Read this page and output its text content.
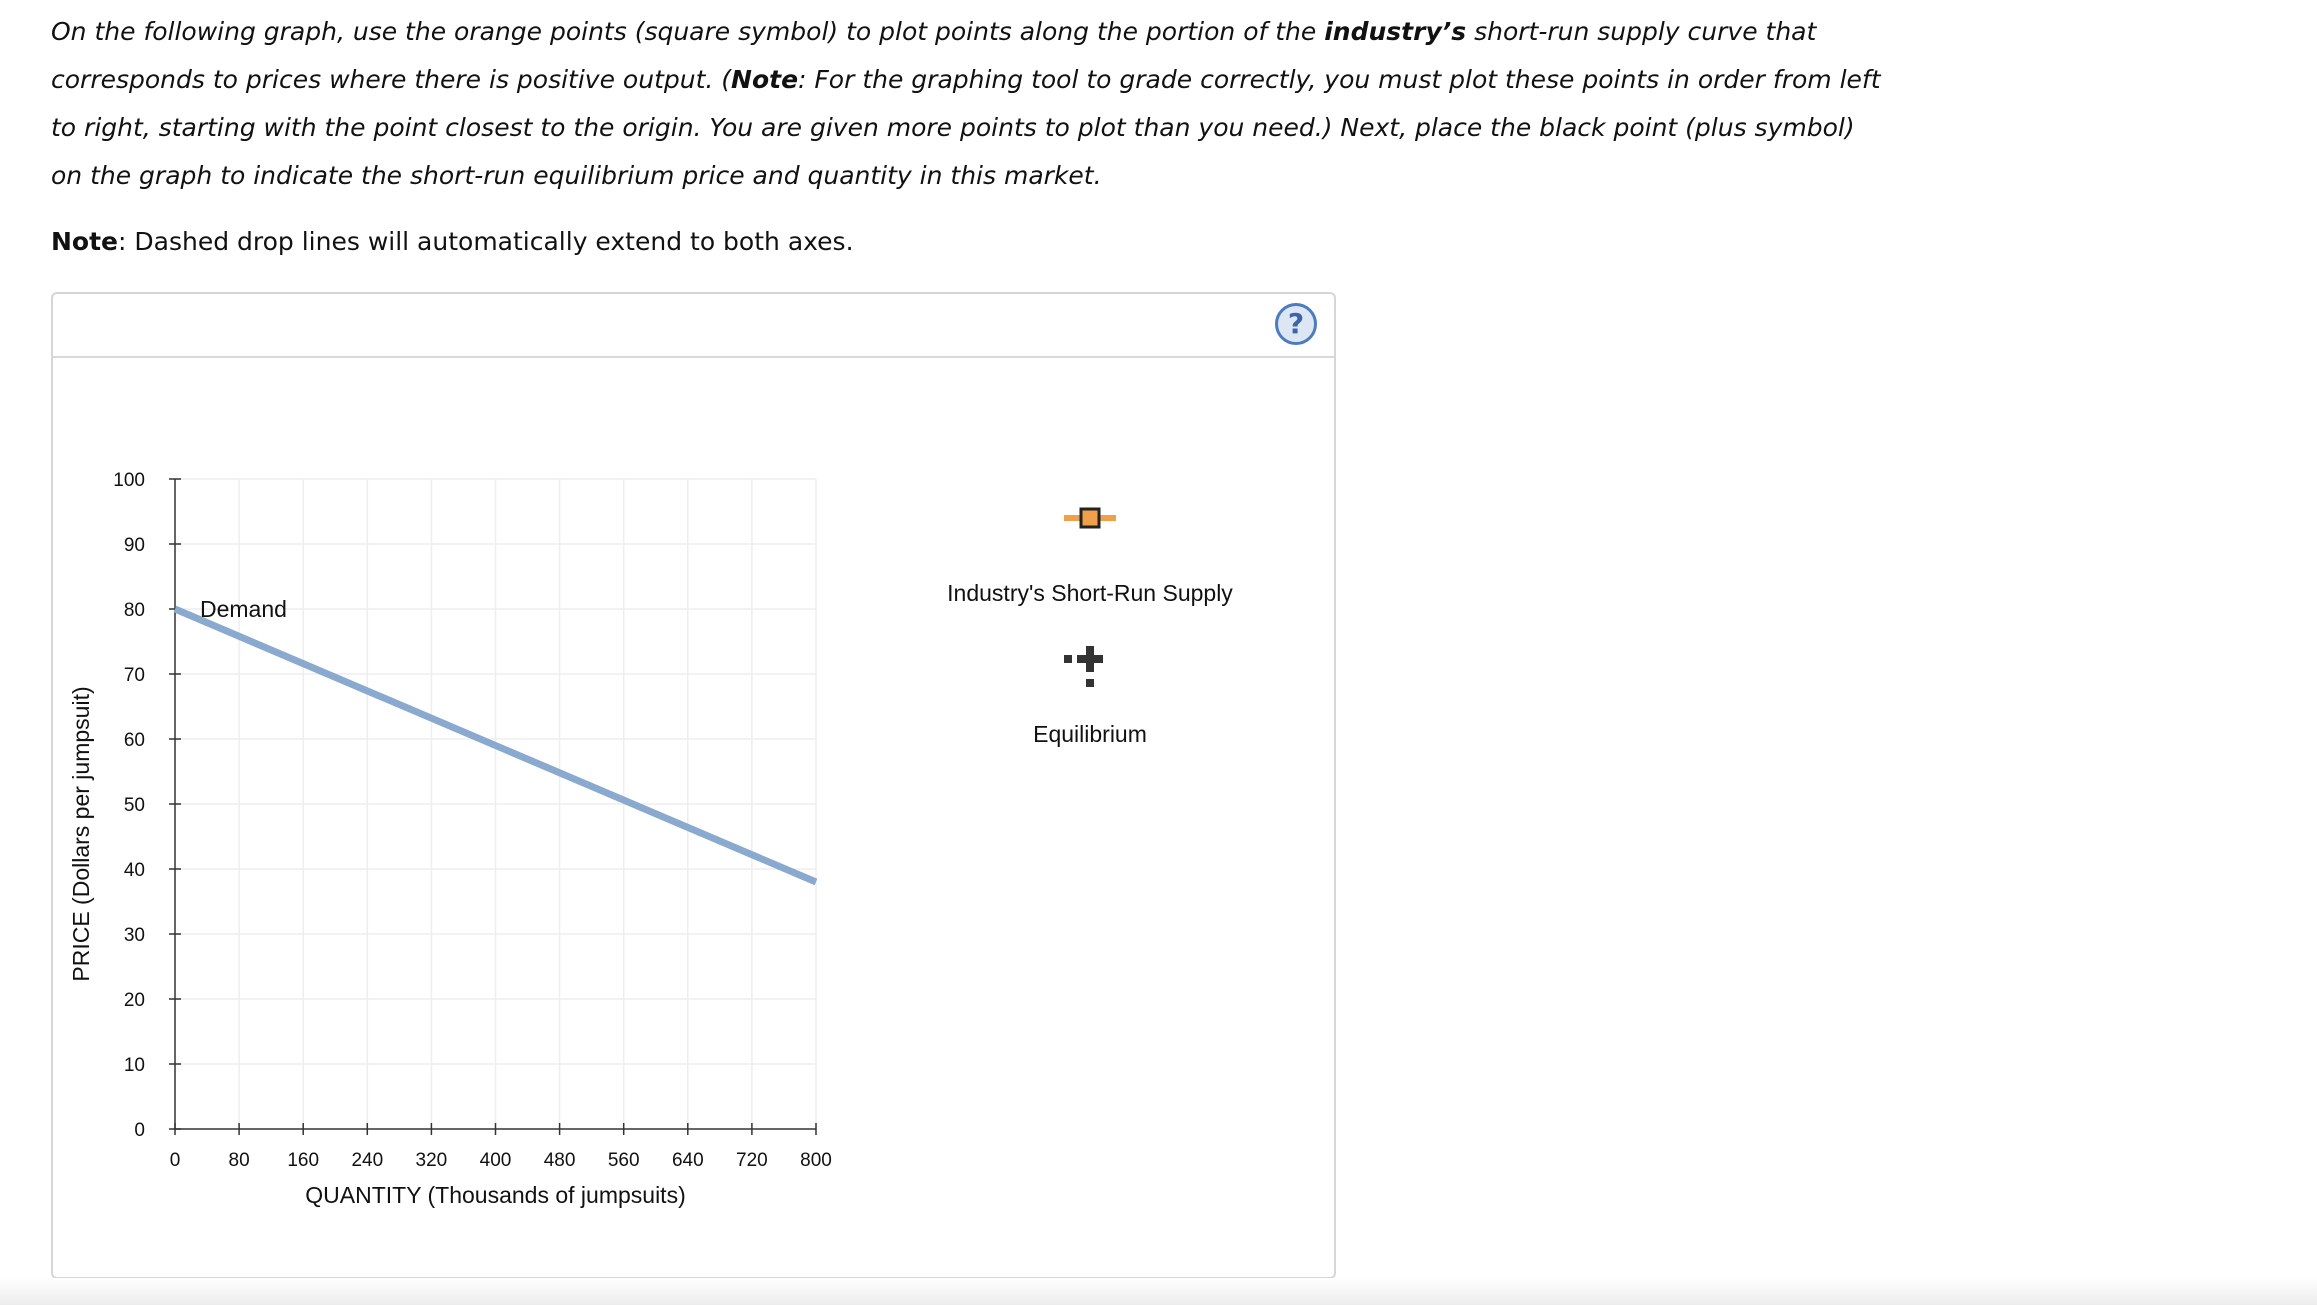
On the following graph, use the orange points (square symbol) to plot points along the portion of the industry’s short-run supply curve that corresponds to prices where there is positive output. (Note: For the graphing tool to grade correctly, you must plot these points in order from left to right, starting with the point closest to the origin. You are given more points to plot than you need.) Next, place the black point (plus symbol) on the graph to indicate the short-run equilibrium price and quantity in this market.
Note: Dashed drop lines will automatically extend to both axes.
?
0	80 160 240 320 400 480 560 640 720 800
0
10
20
30
40
50
60
70
80
90
100
QUANTITY (Thousands of jumpsuits)
PRICE (Dollars per jumpsuit)
Demand
Industry's Short-Run Supply
Equilibrium
